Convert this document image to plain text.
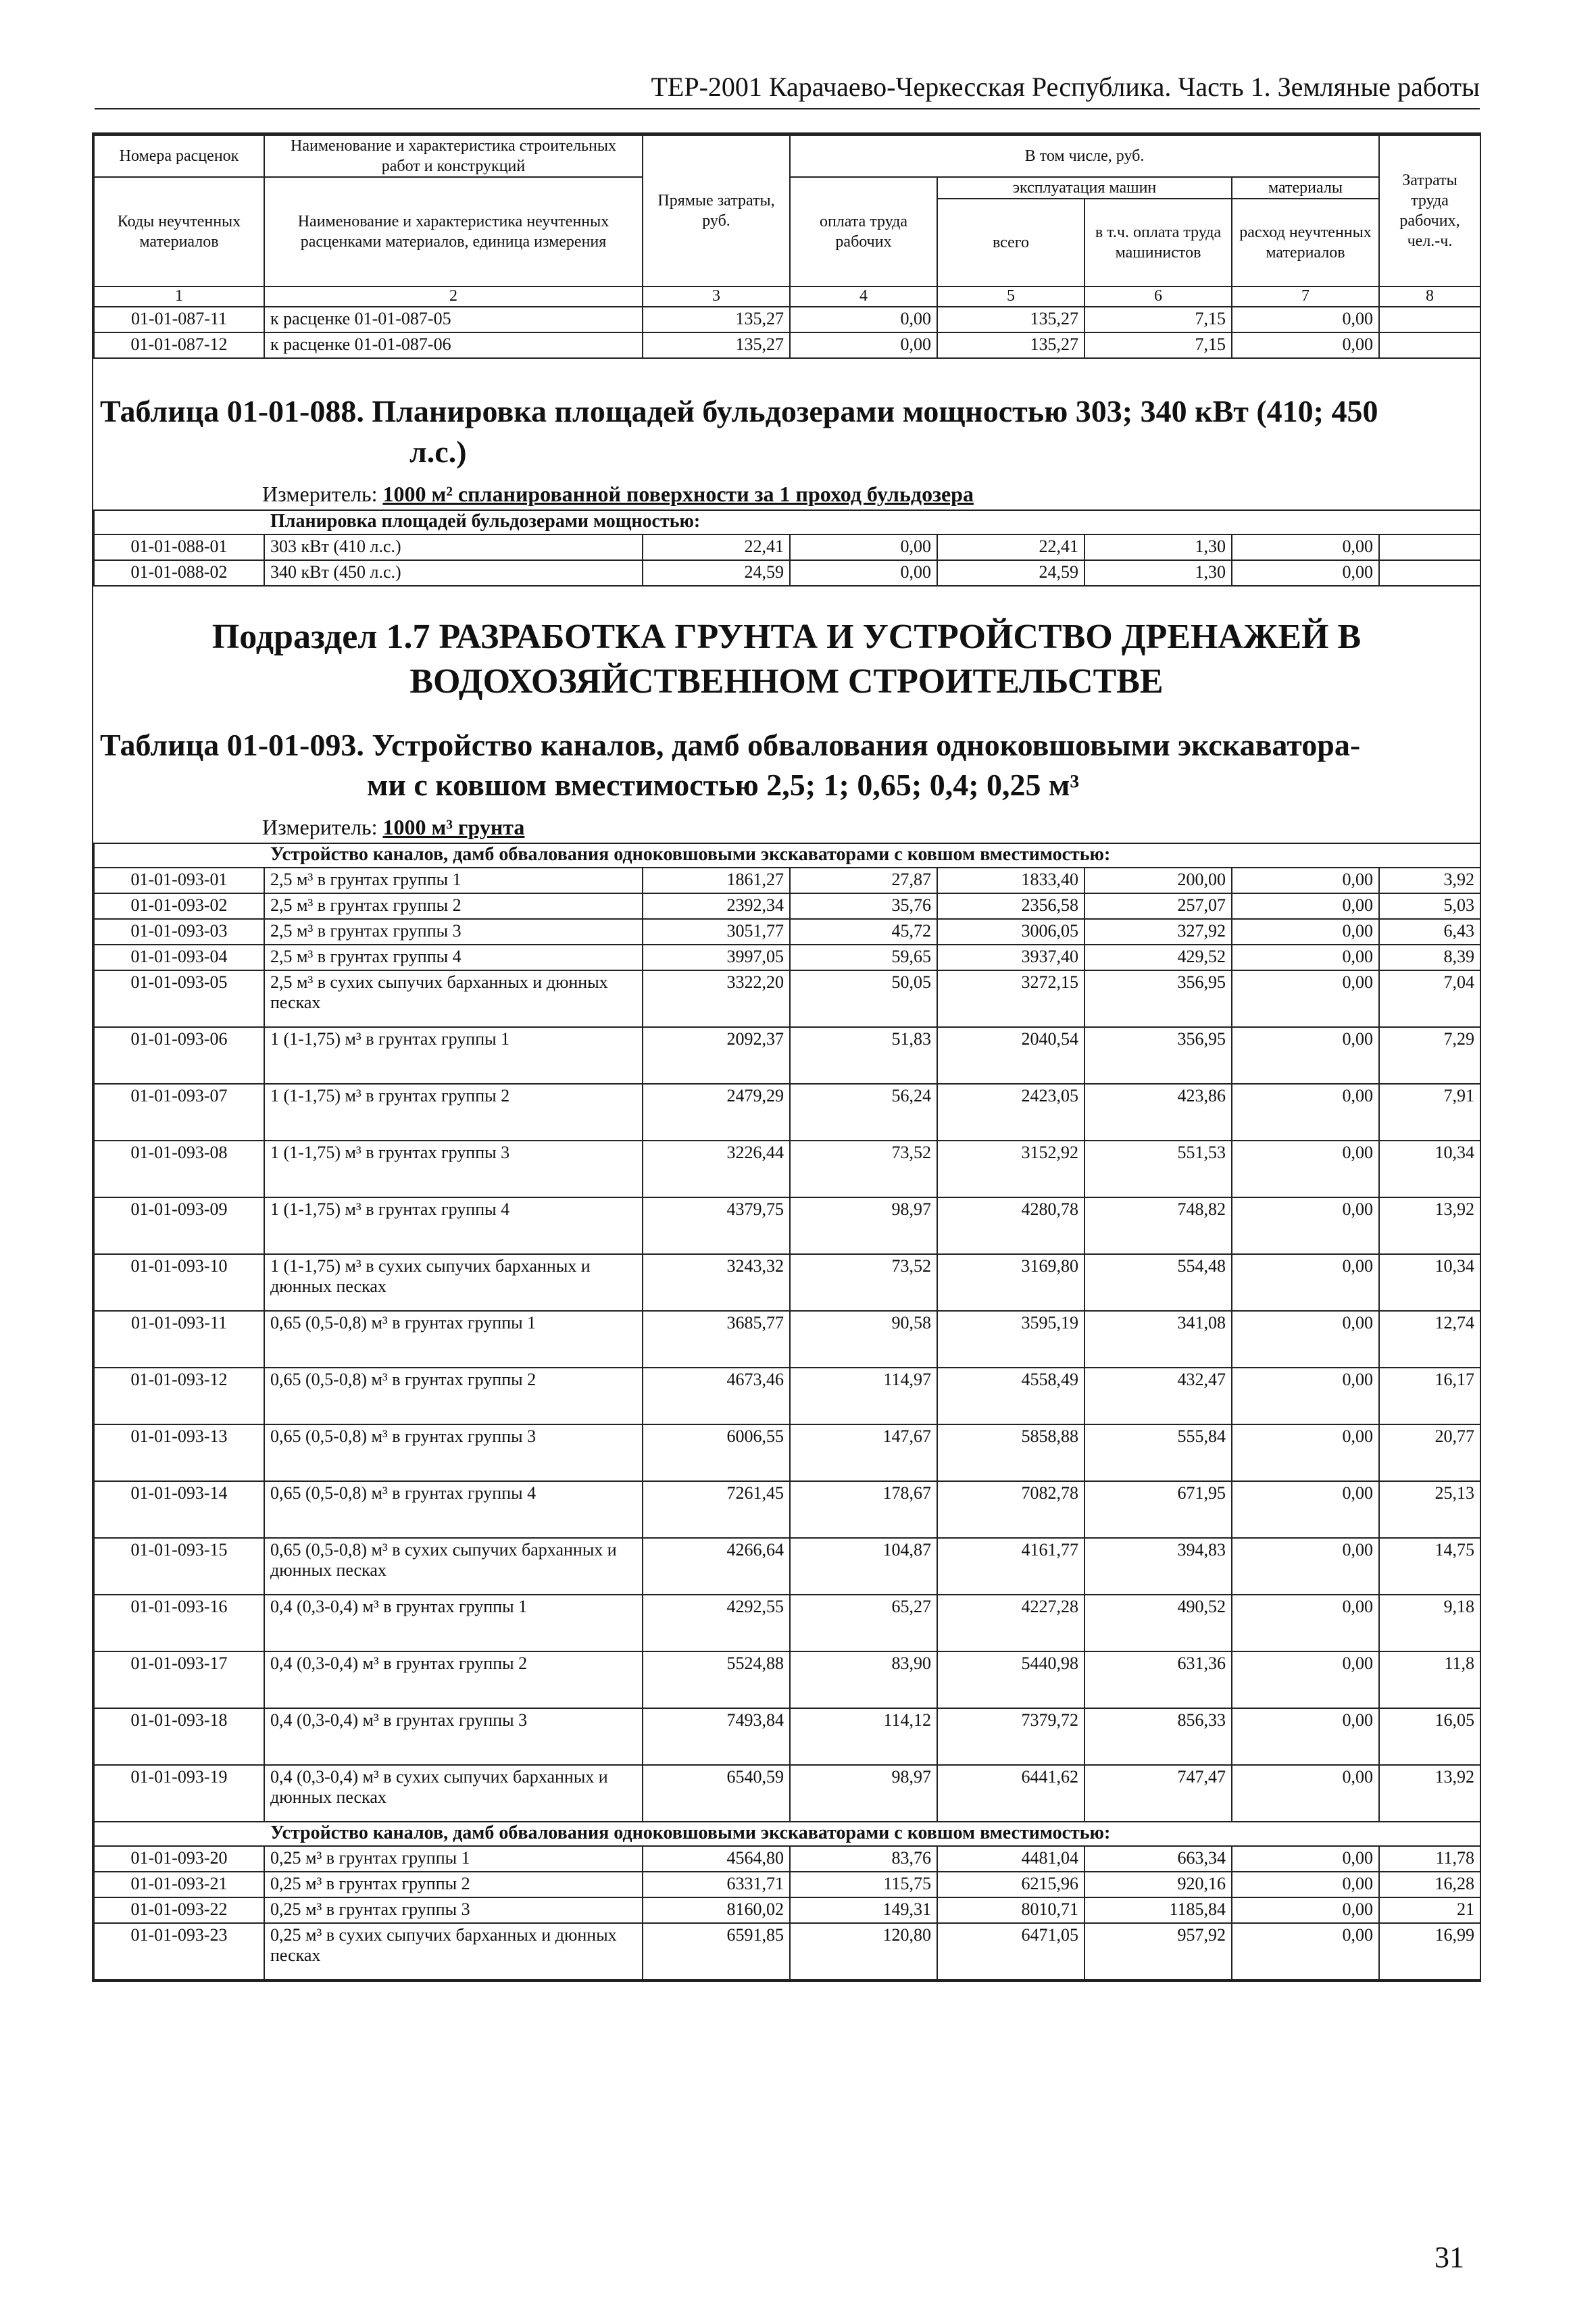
ТЕР-2001 Карачаево-Черкесская Республика. Часть 1. Земляные работы
Номера расценок	Наименование и характеристика строительных работ и конструкций	Прямые затраты, руб.	В том числе, руб.				Затраты труда рабочих, чел.-ч.
Коды неучтенных материалов	Наименование и характеристика неучтенных расценками материалов, единица измерения		оплата труда рабочих	эксплуатация машин		материалы	
				всего	в т.ч. оплата труда машинистов	расход неучтенных материалов	
1	2	3	4	5	6	7	8
01-01-087-11	к расценке 01-01-087-05	135,27	0,00	135,27	7,15	0,00	
01-01-087-12	к расценке 01-01-087-06	135,27	0,00	135,27	7,15	0,00	
Таблица 01-01-088. Планировка площадей бульдозерами мощностью 303; 340 кВт (410; 450
л.с.)
Измеритель: 1000 м² спланированной поверхности за 1 проход бульдозера
Планировка площадей бульдозерами мощностью:							
01-01-088-01	303 кВт (410 л.с.)	22,41	0,00	22,41	1,30	0,00	
01-01-088-02	340 кВт (450 л.с.)	24,59	0,00	24,59	1,30	0,00	
Подраздел 1.7 РАЗРАБОТКА ГРУНТА И УСТРОЙСТВО ДРЕНАЖЕЙ В ВОДОХОЗЯЙСТВЕННОМ СТРОИТЕЛЬСТВЕ
Таблица 01-01-093. Устройство каналов, дамб обвалования одноковшовыми экскаватора-
ми с ковшом вместимостью 2,5; 1; 0,65; 0,4; 0,25 м³
Измеритель: 1000 м³ грунта
Устройство каналов, дамб обвалования одноковшовыми экскаваторами с ковшом вместимостью:							
01-01-093-01	2,5 м³ в грунтах группы 1	1861,27	27,87	1833,40	200,00	0,00	3,92
01-01-093-02	2,5 м³ в грунтах группы 2	2392,34	35,76	2356,58	257,07	0,00	5,03
01-01-093-03	2,5 м³ в грунтах группы 3	3051,77	45,72	3006,05	327,92	0,00	6,43
01-01-093-04	2,5 м³ в грунтах группы 4	3997,05	59,65	3937,40	429,52	0,00	8,39
01-01-093-05	2,5 м³ в сухих сыпучих барханных и дюнных песках	3322,20	50,05	3272,15	356,95	0,00	7,04
01-01-093-06	1 (1-1,75) м³ в грунтах группы 1	2092,37	51,83	2040,54	356,95	0,00	7,29
01-01-093-07	1 (1-1,75) м³ в грунтах группы 2	2479,29	56,24	2423,05	423,86	0,00	7,91
01-01-093-08	1 (1-1,75) м³ в грунтах группы 3	3226,44	73,52	3152,92	551,53	0,00	10,34
01-01-093-09	1 (1-1,75) м³ в грунтах группы 4	4379,75	98,97	4280,78	748,82	0,00	13,92
01-01-093-10	1 (1-1,75) м³ в сухих сыпучих барханных и дюнных песках	3243,32	73,52	3169,80	554,48	0,00	10,34
01-01-093-11	0,65 (0,5-0,8) м³ в грунтах группы 1	3685,77	90,58	3595,19	341,08	0,00	12,74
01-01-093-12	0,65 (0,5-0,8) м³ в грунтах группы 2	4673,46	114,97	4558,49	432,47	0,00	16,17
01-01-093-13	0,65 (0,5-0,8) м³ в грунтах группы 3	6006,55	147,67	5858,88	555,84	0,00	20,77
01-01-093-14	0,65 (0,5-0,8) м³ в грунтах группы 4	7261,45	178,67	7082,78	671,95	0,00	25,13
01-01-093-15	0,65 (0,5-0,8) м³ в сухих сыпучих барханных и дюнных песках	4266,64	104,87	4161,77	394,83	0,00	14,75
01-01-093-16	0,4 (0,3-0,4) м³ в грунтах группы 1	4292,55	65,27	4227,28	490,52	0,00	9,18
01-01-093-17	0,4 (0,3-0,4) м³ в грунтах группы 2	5524,88	83,90	5440,98	631,36	0,00	11,8
01-01-093-18	0,4 (0,3-0,4) м³ в грунтах группы 3	7493,84	114,12	7379,72	856,33	0,00	16,05
01-01-093-19	0,4 (0,3-0,4) м³ в сухих сыпучих барханных и дюнных песках	6540,59	98,97	6441,62	747,47	0,00	13,92
Устройство каналов, дамб обвалования одноковшовыми экскаваторами с ковшом вместимостью:							
01-01-093-20	0,25 м³ в грунтах группы 1	4564,80	83,76	4481,04	663,34	0,00	11,78
01-01-093-21	0,25 м³ в грунтах группы 2	6331,71	115,75	6215,96	920,16	0,00	16,28
01-01-093-22	0,25 м³ в грунтах группы 3	8160,02	149,31	8010,71	1185,84	0,00	21
01-01-093-23	0,25 м³ в сухих сыпучих барханных и дюнных песках	6591,85	120,80	6471,05	957,92	0,00	16,99
31
